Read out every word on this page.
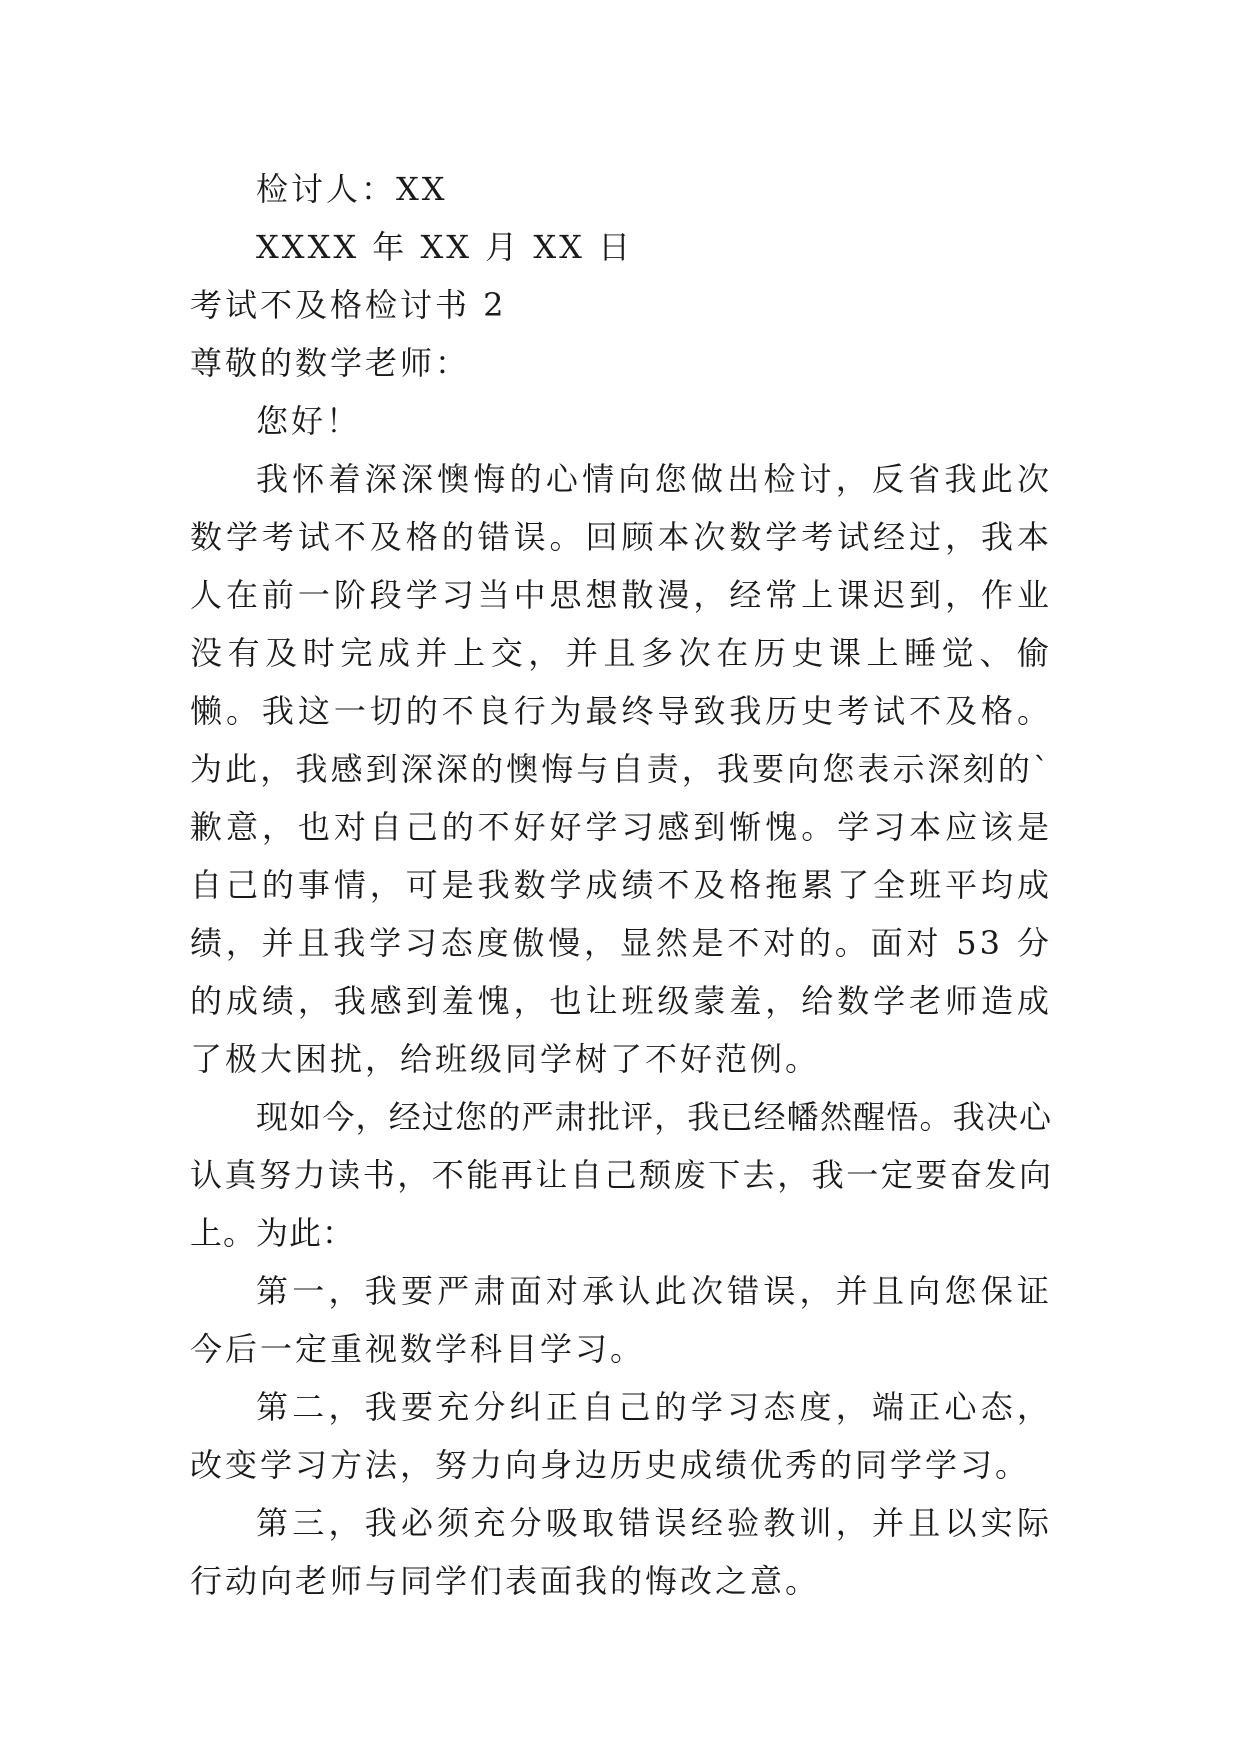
检讨人：XX

XXXX 年 XX 月 XX 日

考试不及格检讨书 2

尊敬的数学老师：

您好！

我怀着深深懊悔的心情向您做出检讨，反省我此次数学考试不及格的错误。回顾本次数学考试经过，我本人在前一阶段学习当中思想散漫，经常上课迟到，作业没有及时完成并上交，并且多次在历史课上睡觉、偷懒。我这一切的不良行为最终导致我历史考试不及格。为此，我感到深深的懊悔与自责，我要向您表示深刻的`歉意，也对自己的不好好学习感到惭愧。学习本应该是自己的事情，可是我数学成绩不及格拖累了全班平均成绩，并且我学习态度傲慢，显然是不对的。面对 53 分的成绩，我感到羞愧，也让班级蒙羞，给数学老师造成了极大困扰，给班级同学树了不好范例。

现如今，经过您的严肃批评，我已经幡然醒悟。我决心认真努力读书，不能再让自己颓废下去，我一定要奋发向上。为此：

第一，我要严肃面对承认此次错误，并且向您保证今后一定重视数学科目学习。

第二，我要充分纠正自己的学习态度，端正心态，改变学习方法，努力向身边历史成绩优秀的同学学习。

第三，我必须充分吸取错误经验教训，并且以实际行动向老师与同学们表面我的悔改之意。
